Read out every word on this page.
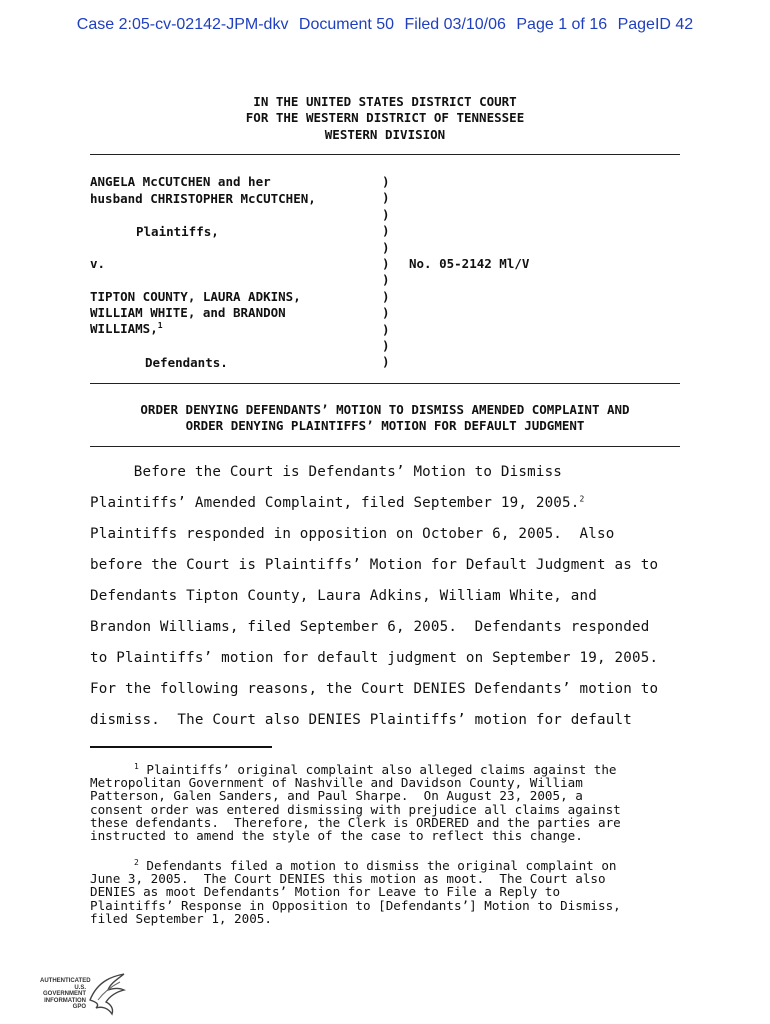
Case 2:05-cv-02142-JPM-dkv Document 50 Filed 03/10/06 Page 1 of 16 PageID 42
IN THE UNITED STATES DISTRICT COURT
FOR THE WESTERN DISTRICT OF TENNESSEE
WESTERN DIVISION
ANGELA McCUTCHEN and her
husband CHRISTOPHER McCUTCHEN,
Plaintiffs,
v.
TIPTON COUNTY, LAURA ADKINS,
WILLIAM WHITE, and BRANDON
WILLIAMS,$^1$
Defendants.
)
)
)
)
)
)
)
)
)
)
)
)
No. 05-2142 Ml/V
ORDER DENYING DEFENDANTS’ MOTION TO DISMISS AMENDED COMPLAINT AND
ORDER DENYING PLAINTIFFS’ MOTION FOR DEFAULT JUDGMENT
Before the Court is Defendants’ Motion to Dismiss
Plaintiffs’ Amended Complaint, filed September 19, 2005.$^2$
Plaintiffs responded in opposition on October 6, 2005.  Also
before the Court is Plaintiffs’ Motion for Default Judgment as to
Defendants Tipton County, Laura Adkins, William White, and
Brandon Williams, filed September 6, 2005.  Defendants responded
to Plaintiffs’ motion for default judgment on September 19, 2005.
For the following reasons, the Court DENIES Defendants’ motion to
dismiss.  The Court also DENIES Plaintiffs’ motion for default
$^1$ Plaintiffs’ original complaint also alleged claims against the
Metropolitan Government of Nashville and Davidson County, William
Patterson, Galen Sanders, and Paul Sharpe.  On August 23, 2005, a
consent order was entered dismissing with prejudice all claims against
these defendants.  Therefore, the Clerk is ORDERED and the parties are
instructed to amend the style of the case to reflect this change.
$^2$ Defendants filed a motion to dismiss the original complaint on
June 3, 2005.  The Court DENIES this motion as moot.  The Court also
DENIES as moot Defendants’ Motion for Leave to File a Reply to
Plaintiffs’ Response in Opposition to [Defendants’] Motion to Dismiss,
filed September 1, 2005.
AUTHENTICATED
U.S. GOVERNMENT
INFORMATION
GPO
